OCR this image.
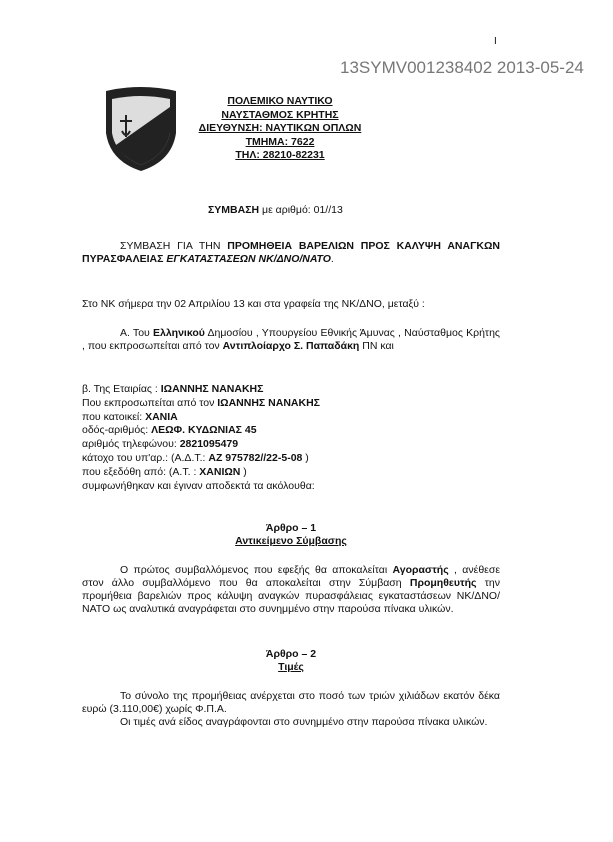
I
ΠΟΛΕΜΙΚΟ ΝΑΥΤΙΚΟ
ΝΑΥΣΤΑΘΜΟΣ ΚΡΗΤΗΣ
ΔΙΕΥΘΥΝΣΗ: ΝΑΥΤΙΚΩΝ ΟΠΛΩΝ
ΤΜΗΜΑ: 7622
ΤΗΛ: 28210-82231
13SYMV001238402 2013-05-24
ΣΥΜΒΑΣΗ με αριθμό: 01//13
ΣΥΜΒΑΣΗ ΓΙΑ ΤΗΝ ΠΡΟΜΗΘΕΙΑ ΒΑΡΕΛΙΩΝ ΠΡΟΣ ΚΑΛΥΨΗ ΑΝΑΓΚΩΝ ΠΥΡΑΣΦΑΛΕΙΑΣ ΕΓΚΑΤΑΣΤΑΣΕΩΝ ΝΚ/ΔΝΟ/ΝΑΤΟ.
Στο ΝΚ σήμερα την 02 Απριλίου 13 και στα γραφεία της ΝΚ/ΔΝΟ, μεταξύ :
Α. Του Ελληνικού Δημοσίου , Υπουργείου Εθνικής Άμυνας , Ναύσταθμος Κρήτης , που εκπροσωπείται από τον Αντιπλοίαρχο Σ. Παπαδάκη ΠΝ και
β. Της Εταιρίας : ΙΩΑΝΝΗΣ ΝΑΝΑΚΗΣ
Που εκπροσωπείται από τον ΙΩΑΝΝΗΣ ΝΑΝΑΚΗΣ
που κατοικεί: ΧΑΝΙΑ
οδός-αριθμός: ΛΕΩΦ. ΚΥΔΩΝΙΑΣ 45
αριθμός τηλεφώνου: 2821095479
κάτοχο του υπ'αρ.: (Α.Δ.Τ.: ΑΖ 975782//22-5-08 )
που εξεδόθη από: (Α.Τ. : ΧΑΝΙΩΝ )
συμφωνήθηκαν και έγιναν αποδεκτά τα ακόλουθα:
Άρθρο – 1
Αντικείμενο Σύμβασης
Ο πρώτος συμβαλλόμενος που εφεξής θα αποκαλείται Αγοραστής , ανέθεσε στον άλλο συμβαλλόμενο που θα αποκαλείται στην Σύμβαση Προμηθευτής την προμήθεια βαρελιών προς κάλυψη αναγκών πυρασφάλειας εγκαταστάσεων ΝΚ/ΔΝΟ/ΝΑΤΟ ως αναλυτικά αναγράφεται στο συνημμένο στην παρούσα πίνακα υλικών.
Άρθρο – 2
Τιμές
Το σύνολο της προμήθειας ανέρχεται στο ποσό των τριών χιλιάδων εκατόν δέκα ευρώ (3.110,00€) χωρίς Φ.Π.Α.
Οι τιμές ανά είδος αναγράφονται στο συνημμένο στην παρούσα πίνακα υλικών.
